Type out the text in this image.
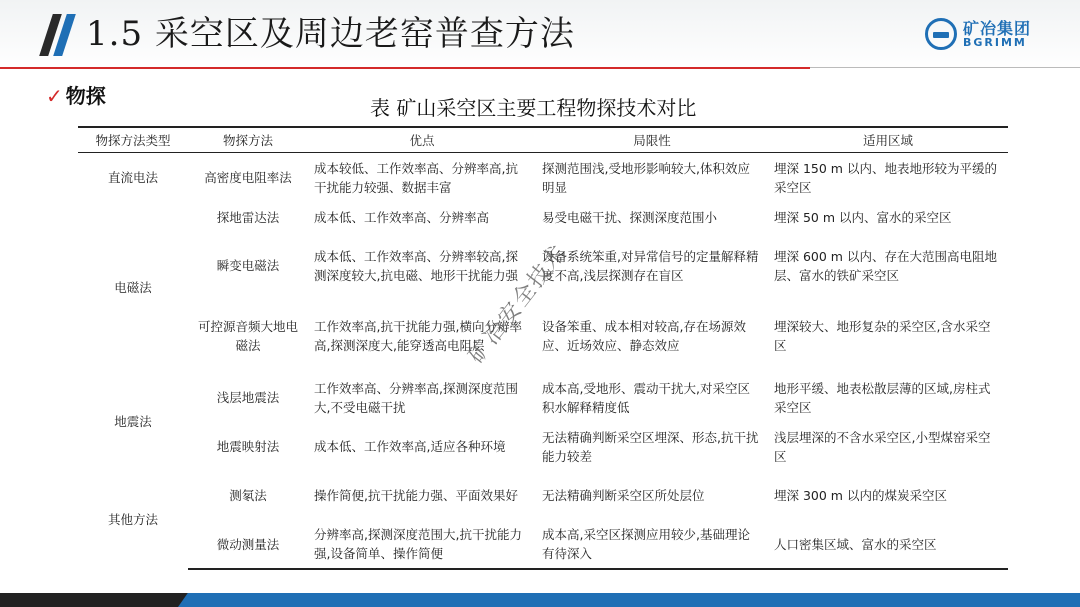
1.5 采空区及周边老窑普查方法	矿冶集团
BGRIMM
✓ 物探	表 矿山采空区主要工程物探技术对比
物探方法类型	物探方法	优点	局限性	适用区域
直流电法	高密度电阻率法	成本较低、工作效率高、分辨率高,抗干扰能力较强、数据丰富	探测范围浅,受地形影响较大,体积效应明显	埋深 150 m 以内、地表地形较为平缓的采空区
电磁法	探地雷达法	成本低、工作效率高、分辨率高	易受电磁干扰、探测深度范围小	埋深 50 m 以内、富水的采空区
	瞬变电磁法	成本低、工作效率高、分辨率较高,探测深度较大,抗电磁、地形干扰能力强	设备系统笨重,对异常信号的定量解释精度不高,浅层探测存在盲区	埋深 600 m 以内、存在大范围高电阻地层、富水的铁矿采空区
	可控源音频大地电磁法	工作效率高,抗干扰能力强,横向分辨率高,探测深度大,能穿透高电阻层	设备笨重、成本相对较高,存在场源效应、近场效应、静态效应	埋深较大、地形复杂的采空区,含水采空区
地震法	浅层地震法	工作效率高、分辨率高,探测深度范围大,不受电磁干扰	成本高,受地形、震动干扰大,对采空区积水解释精度低	地形平缓、地表松散层薄的区域,房柱式采空区
	地震映射法	成本低、工作效率高,适应各种环境	无法精确判断采空区埋深、形态,抗干扰能力较差	浅层埋深的不含水采空区,小型煤窑采空区
其他方法	测氡法	操作简便,抗干扰能力强、平面效果好	无法精确判断采空区所处层位	埋深 300 m 以内的煤炭采空区
	微动测量法	分辨率高,探测深度范围大,抗干扰能力强,设备简单、操作简便	成本高,采空区探测应用较少,基础理论有待深入	人口密集区域、富水的采空区
矿冶安全技术
